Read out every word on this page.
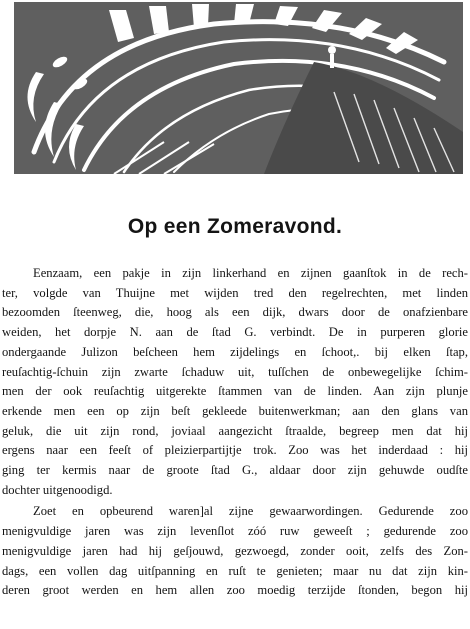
Op een Zomeravond.
Eenzaam, een pakje in zijn linkerhand en zijnen gaanſtok in de rech-
ter, volgde van Thuijne met wijden tred den regelrechten, met linden
bezoomden ſteenweg, die, hoog als een dijk, dwars door de onafzienbare
weiden, het dorpje N. aan de ſtad G. verbindt. De in purperen glorie
ondergaande Julizon beſcheen hem zijdelings en ſchoot,. bij elken ſtap,
reuſachtig-ſchuin zijn zwarte ſchaduw uit, tuſſchen de onbewegelijke ſchim-
men der ook reuſachtig uitgerekte ſtammen van de linden. Aan zijn plunje
erkende men een op zijn beſt gekleede buitenwerkman; aan den glans van
geluk, die uit zijn rond, joviaal aangezicht ſtraalde, begreep men dat hij
ergens naar een feeſt of pleizierpartijtje trok. Zoo was het inderdaad : hij
ging ter kermis naar de groote ſtad G., aldaar door zijn gehuwde oudſte
dochter uitgenoodigd.
Zoet en opbeurend waren]al zijne gewaarwordingen. Gedurende zoo
menigvuldige jaren was zijn levenſlot zóó ruw geweeſt ; gedurende zoo
menigvuldige jaren had hij geſjouwd, gezwoegd, zonder ooit, zelfs des Zon-
dags, een vollen dag uitſpanning en ruſt te genieten; maar nu dat zijn kin-
deren groot werden en hem allen zoo moedig terzijde ſtonden, begon hij
